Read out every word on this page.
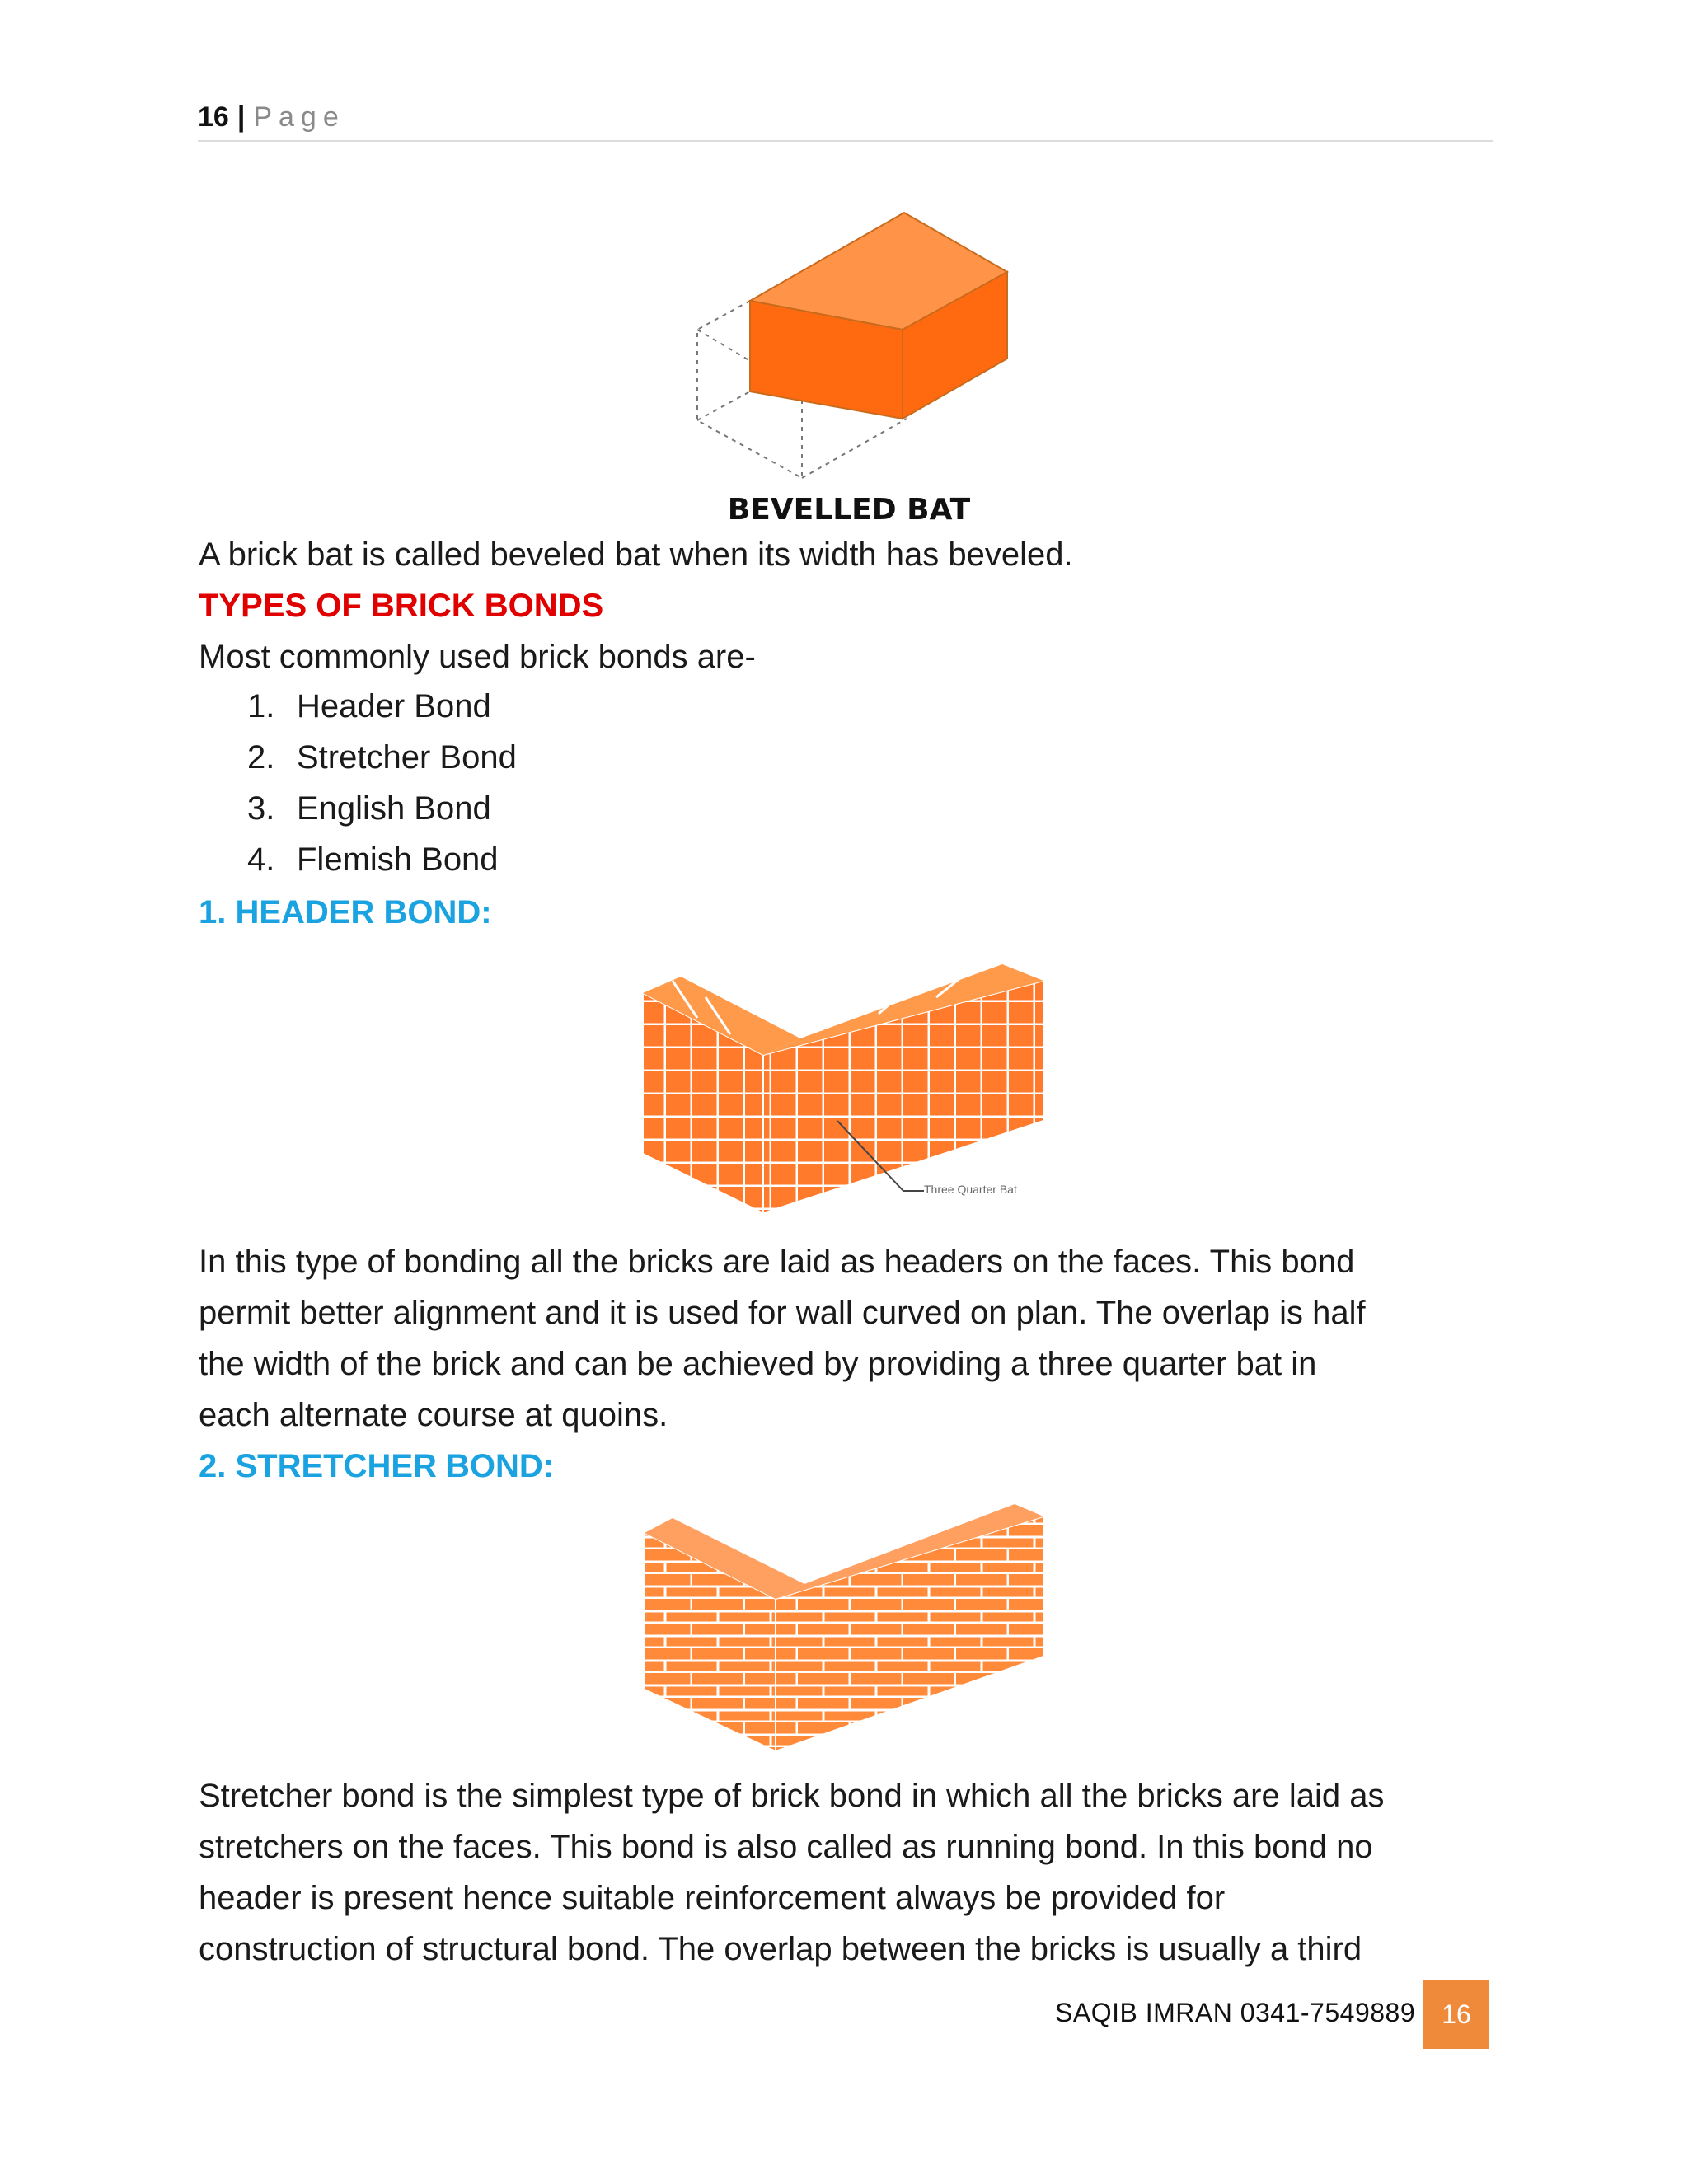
16 | Page
BEVELLED BAT
A brick bat is called beveled bat when its width has beveled.
TYPES OF BRICK BONDS
Most commonly used brick bonds are-
1. Header Bond
2. Stretcher Bond
3. English Bond
4. Flemish Bond
1. HEADER BOND:
Three Quarter Bat
In this type of bonding all the bricks are laid as headers on the faces. This bond
permit better alignment and it is used for wall curved on plan. The overlap is half
the width of the brick and can be achieved by providing a three quarter bat in
each alternate course at quoins.
2. STRETCHER BOND:
Stretcher bond is the simplest type of brick bond in which all the bricks are laid as
stretchers on the faces. This bond is also called as running bond. In this bond no
header is present hence suitable reinforcement always be provided for
construction of structural bond. The overlap between the bricks is usually a third
SAQIB IMRAN 0341-7549889	16
